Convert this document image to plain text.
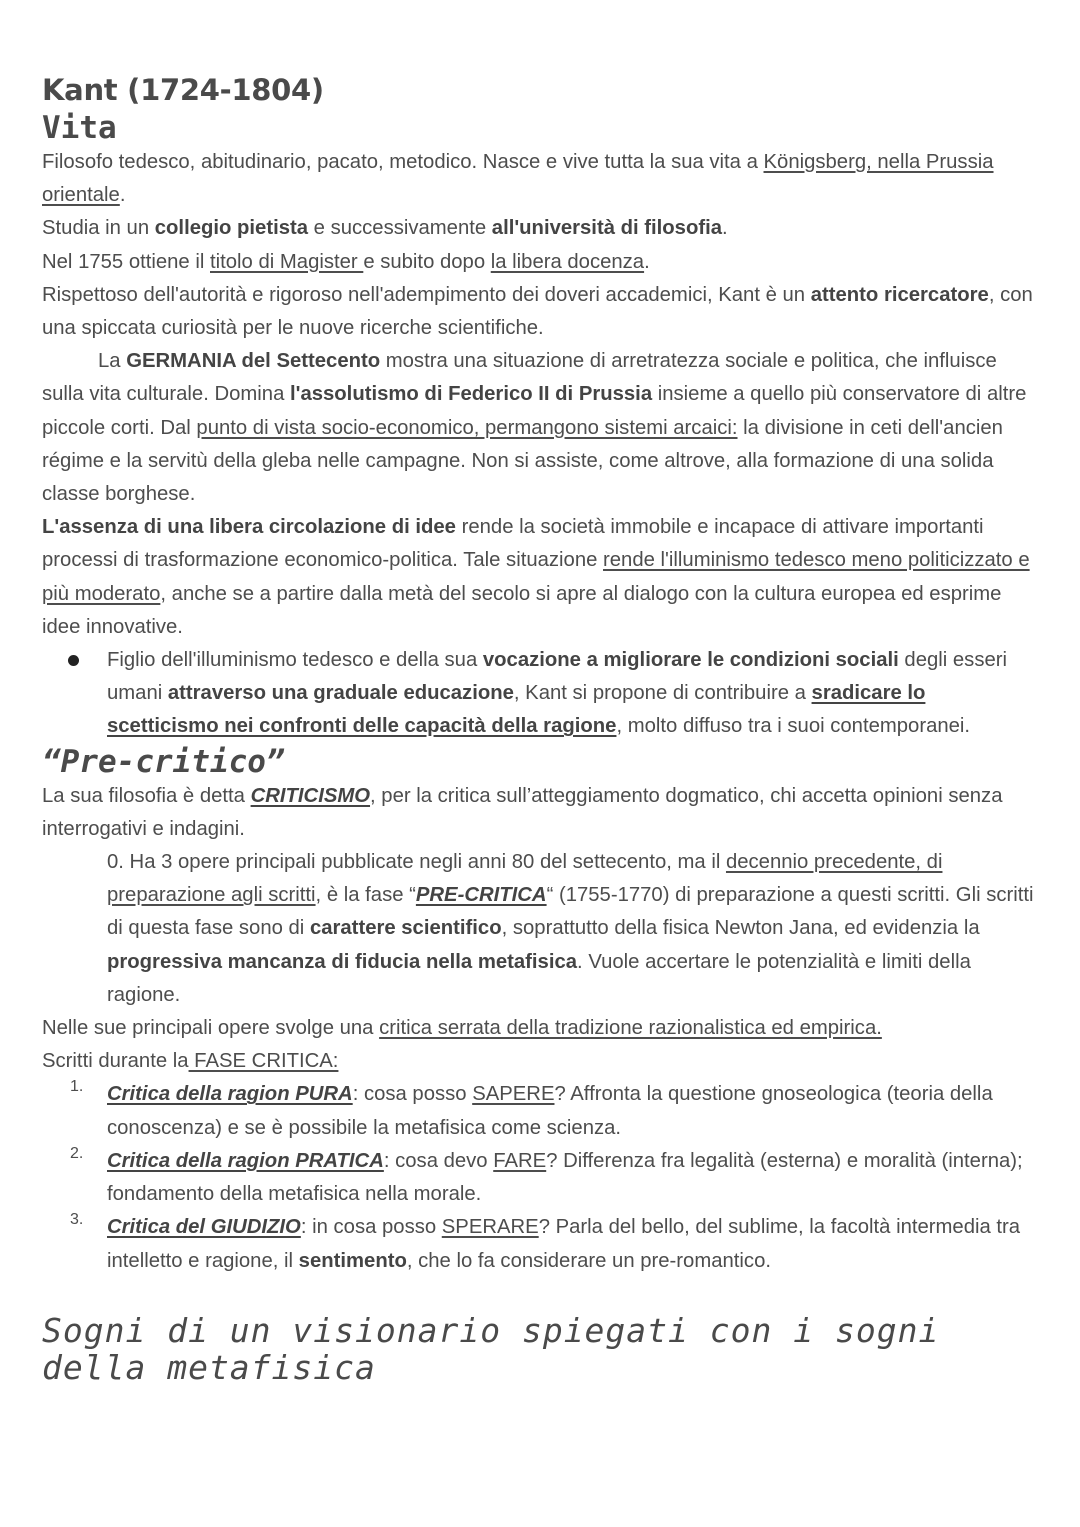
Kant (1724-1804)
Vita

Filosofo tedesco, abitudinario, pacato, metodico. Nasce e vive tutta la sua vita a Königsberg, nella Prussia orientale.

Studia in un collegio pietista e successivamente all'università di filosofia.

Nel 1755 ottiene il titolo di Magister e subito dopo la libera docenza.

Rispettoso dell'autorità e rigoroso nell'adempimento dei doveri accademici, Kant è un attento ricercatore, con una spiccata curiosità per le nuove ricerche scientifiche.

La GERMANIA del Settecento mostra una situazione di arretratezza sociale e politica, che influisce sulla vita culturale. Domina l'assolutismo di Federico II di Prussia insieme a quello più conservatore di altre piccole corti. Dal punto di vista socio-economico, permangono sistemi arcaici: la divisione in ceti dell'ancien régime e la servitù della gleba nelle campagne. Non si assiste, come altrove, alla formazione di una solida classe borghese.

L'assenza di una libera circolazione di idee rende la società immobile e incapace di attivare importanti processi di trasformazione economico-politica. Tale situazione rende l'illuminismo tedesco meno politicizzato e più moderato, anche se a partire dalla metà del secolo si apre al dialogo con la cultura europea ed esprime idee innovative.

Figlio dell'illuminismo tedesco e della sua vocazione a migliorare le condizioni sociali degli esseri umani attraverso una graduale educazione, Kant si propone di contribuire a sradicare lo scetticismo nei confronti delle capacità della ragione, molto diffuso tra i suoi contemporanei.

“Pre-critico”

La sua filosofia è detta CRITICISMO, per la critica sull’atteggiamento dogmatico, chi accetta opinioni senza interrogativi e indagini.

0. Ha 3 opere principali pubblicate negli anni 80 del settecento, ma il decennio precedente, di preparazione agli scritti, è la fase “PRE-CRITICA“ (1755-1770) di preparazione a questi scritti. Gli scritti di questa fase sono di carattere scientifico, soprattutto della fisica Newton Jana, ed evidenzia la progressiva mancanza di fiducia nella metafisica. Vuole accertare le potenzialità e limiti della ragione.

Nelle sue principali opere svolge una critica serrata della tradizione razionalistica ed empirica.

Scritti durante la FASE CRITICA:

1. Critica della ragion PURA: cosa posso SAPERE? Affronta la questione gnoseologica (teoria della conoscenza) e se è possibile la metafisica come scienza.

2. Critica della ragion PRATICA: cosa devo FARE? Differenza fra legalità (esterna) e moralità (interna); fondamento della metafisica nella morale.

3. Critica del GIUDIZIO: in cosa posso SPERARE? Parla del bello, del sublime, la facoltà intermedia tra intelletto e ragione, il sentimento, che lo fa considerare un pre-romantico.

Sogni di un visionario spiegati con i sogni della metafisica
